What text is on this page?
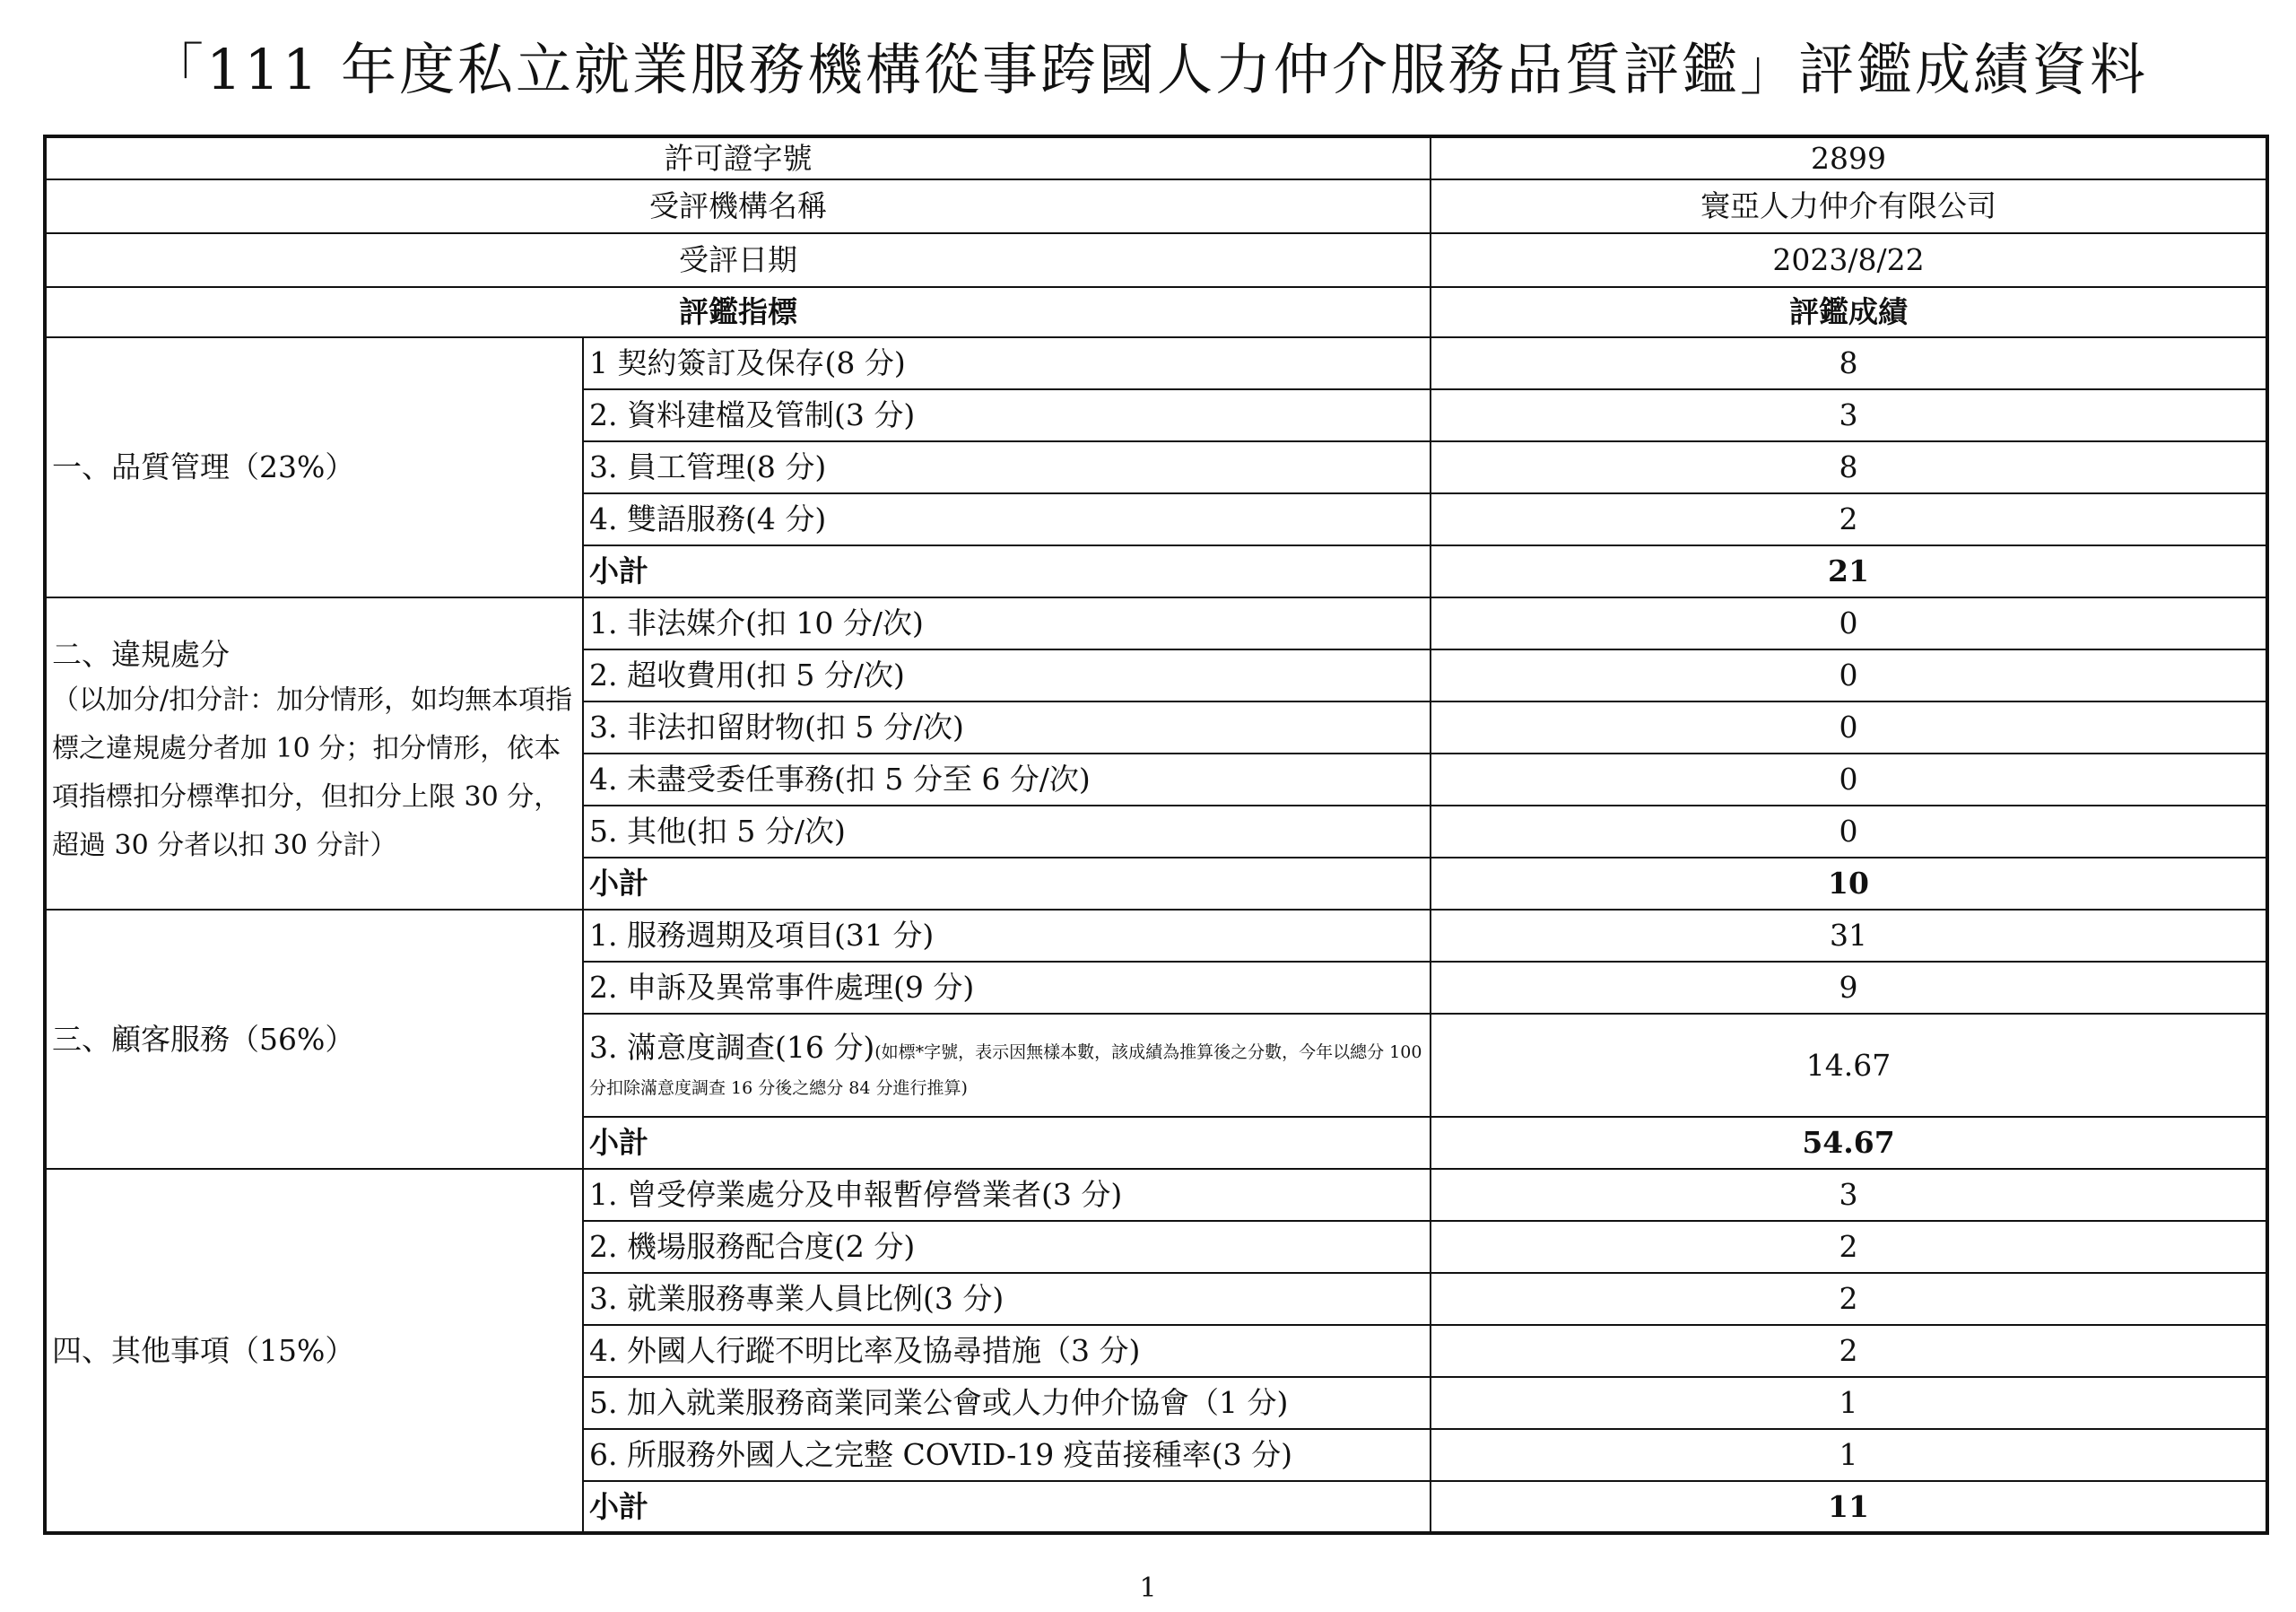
「111 年度私立就業服務機構從事跨國人力仲介服務品質評鑑」評鑑成績資料
許可證字號		2899
受評機構名稱		寰亞人力仲介有限公司
受評日期		2023/8/22
評鑑指標		評鑑成績
一、品質管理（23%）	1 契約簽訂及保存(8 分)	8
	2. 資料建檔及管制(3 分)	3
	3. 員工管理(8 分)	8
	4. 雙語服務(4 分)	2
	小計	21
二、違規處分
（以加分/扣分計：加分情形，如均無本項指標之違規處分者加 10 分；扣分情形，依本項指標扣分標準扣分，但扣分上限 30 分，超過 30 分者以扣 30 分計）	1. 非法媒介(扣 10 分/次)	0
	2. 超收費用(扣 5 分/次)	0
	3. 非法扣留財物(扣 5 分/次)	0
	4. 未盡受委任事務(扣 5 分至 6 分/次)	0
	5. 其他(扣 5 分/次)	0
	小計	10
三、顧客服務（56%）	1. 服務週期及項目(31 分)	31
	2. 申訴及異常事件處理(9 分)	9
	3. 滿意度調查(16 分)(如標*字號，表示因無樣本數，該成績為推算後之分數，今年以總分 100 分扣除滿意度調查 16 分後之總分 84 分進行推算)	14.67
	小計	54.67
四、其他事項（15%）	1. 曾受停業處分及申報暫停營業者(3 分)	3
	2. 機場服務配合度(2 分)	2
	3. 就業服務專業人員比例(3 分)	2
	4. 外國人行蹤不明比率及協尋措施（3 分)	2
	5. 加入就業服務商業同業公會或人力仲介協會（1 分)	1
	6. 所服務外國人之完整 COVID-19 疫苗接種率(3 分)	1
	小計	11
1
